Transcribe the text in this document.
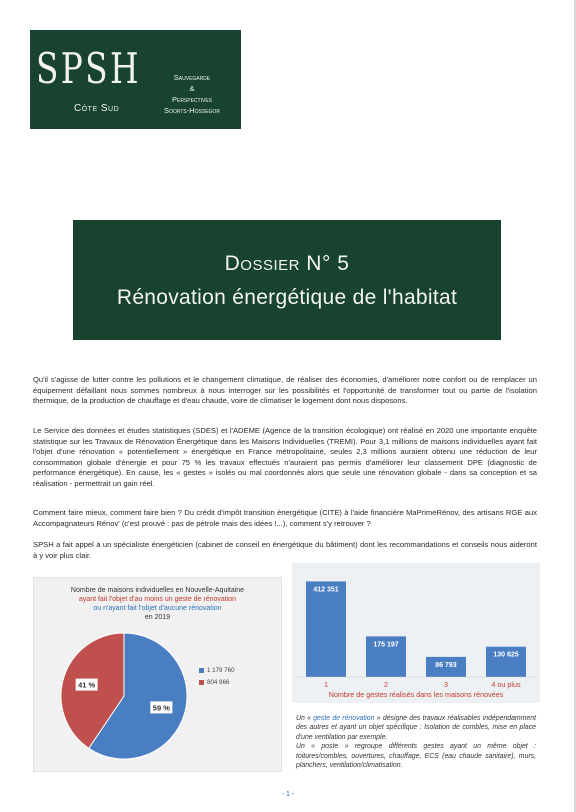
SPSH
Côte Sud
Sauvegarde
&
Perspectives
Soorts-Hossegor
Dossier N° 5
Rénovation énergétique de l'habitat
Qu'il s'agisse de lutter contre les pollutions et le changement climatique, de réaliser des économies, d'améliorer notre confort ou de remplacer un équipement défaillant nous sommes nombreux à nous interroger sur les possibilités et l'opportunité de transformer tout ou partie de l'isolation thermique, de la production de chauffage et d'eau chaude, voire de climatiser le logement dont nous disposons.
Le Service des données et études statistiques (SDES) et l'ADEME (Agence de la transition écologique) ont réalisé en 2020 une importante enquête statistique sur les Travaux de Rénovation Énergétique dans les Maisons Individuelles (TREMI). Pour 3,1 millions de maisons individuelles ayant fait l'objet d'une rénovation « potentiellement » énergétique en France métropolitaine, seules 2,3 millions auraient obtenu une réduction de leur consommation globale d'énergie et pour 75 % les travaux effectués n'auraient pas permis d'améliorer leur classement DPE (diagnostic de performance énergétique). En cause, les « gestes » isolés ou mal coordonnés alors que seule une rénovation globale - dans sa conception et sa réalisation - permettrait un gain réel.
Comment faire mieux, comment faire bien ? Du crédit d'impôt transition énergétique (CITE) à l'aide financière MaPrimeRénov, des artisans RGE aux Accompagnateurs Rénov' (c'est prouvé : pas de pétrole mais des idées !...), comment s'y retrouver ?
SPSH a fait appel à un spécialiste énergéticien (cabinet de conseil en énergétique du bâtiment) dont les recommandations et conseils nous aideront à y voir plus clair.
Nombre de maisons individuelles en Nouvelle-Aquitaine
ayant fait l'objet d'au moins un geste de rénovation
ou n'ayant fait l'objet d'aucune rénovation
en 2019
59 %
41 %
1 179 760
804 966
412 351
1
175 197
2
86 793
3
130 625
4 ou plus
Nombre de gestes réalisés dans les maisons rénovées
Un « geste de rénovation » désigne des travaux réalisables indépendamment des autres et ayant un objet spécifique : Isolation de combles, mise en place d'une ventilation par exemple.
Un « poste » regroupe différents gestes ayant un même objet : toitures/combles, ouvertures, chauffage, ECS (eau chaude sanitaire), murs, planchers, ventilation/climatisation.
- 1 -
